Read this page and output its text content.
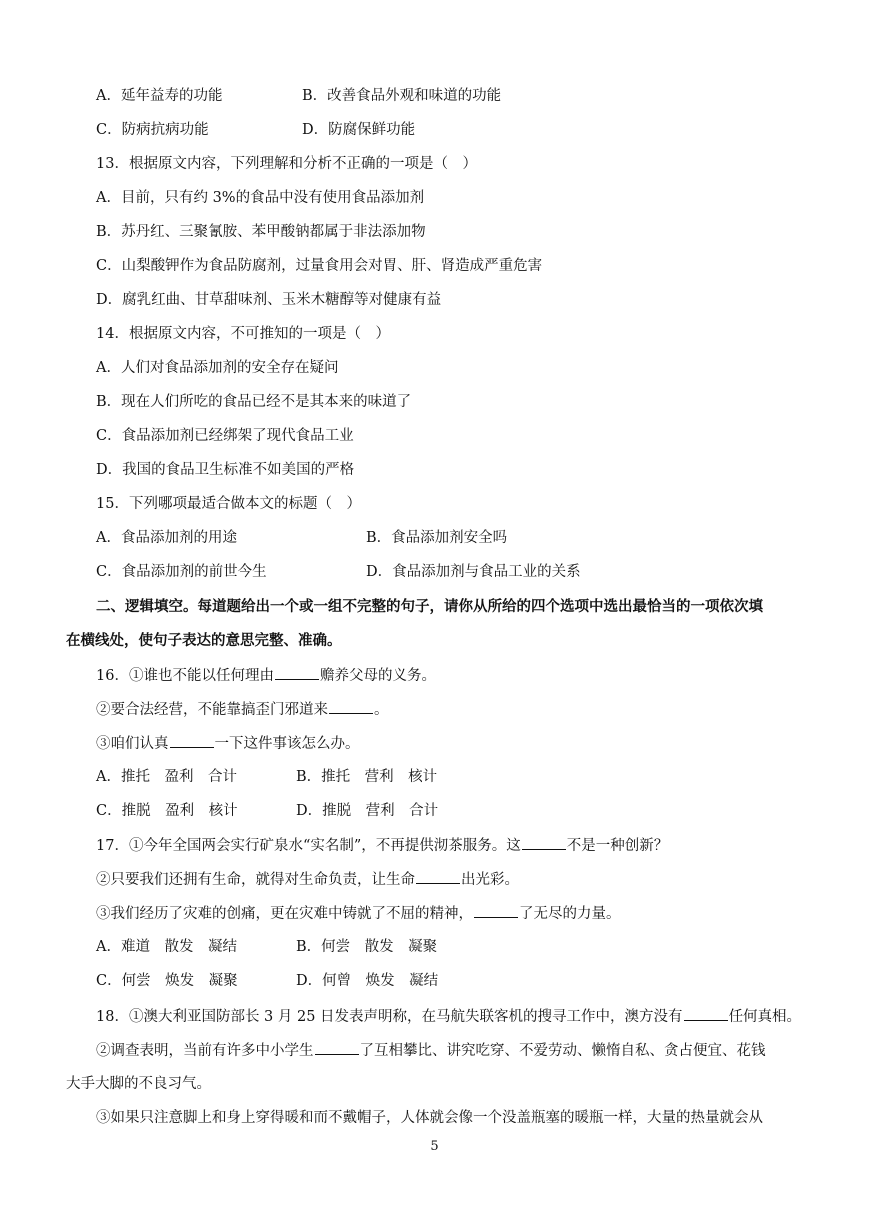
A．延年益寿的功能	B．改善食品外观和味道的功能
C．防病抗病功能	D．防腐保鲜功能
13．根据原文内容，下列理解和分析不正确的一项是（　）
A．目前，只有约 3%的食品中没有使用食品添加剂
B．苏丹红、三聚氰胺、苯甲酸钠都属于非法添加物
C．山梨酸钾作为食品防腐剂，过量食用会对胃、肝、肾造成严重危害
D．腐乳红曲、甘草甜味剂、玉米木糖醇等对健康有益
14．根据原文内容，不可推知的一项是（　）
A．人们对食品添加剂的安全存在疑问
B．现在人们所吃的食品已经不是其本来的味道了
C．食品添加剂已经绑架了现代食品工业
D．我国的食品卫生标准不如美国的严格
15．下列哪项最适合做本文的标题（　）
A．食品添加剂的用途	B．食品添加剂安全吗
C．食品添加剂的前世今生	D．食品添加剂与食品工业的关系
二、逻辑填空。每道题给出一个或一组不完整的句子，请你从所给的四个选项中选出最恰当的一项依次填
在横线处，使句子表达的意思完整、准确。
16．①谁也不能以任何理由	赡养父母的义务。
②要合法经营，不能靠搞歪门邪道来	。
③咱们认真	一下这件事该怎么办。
A．推托　盈利　合计	B．推托　营利　核计
C．推脱　盈利　核计	D．推脱　营利　合计
17．①今年全国两会实行矿泉水“实名制”，不再提供沏茶服务。这	不是一种创新？
②只要我们还拥有生命，就得对生命负责，让生命	出光彩。
③我们经历了灾难的创痛，更在灾难中铸就了不屈的精神，	了无尽的力量。
A．难道　散发　凝结	B．何尝　散发　凝聚
C．何尝　焕发　凝聚	D．何曾　焕发　凝结
18．①澳大利亚国防部长 3 月 25 日发表声明称，在马航失联客机的搜寻工作中，澳方没有	任何真相。
②调查表明，当前有许多中小学生	了互相攀比、讲究吃穿、不爱劳动、懒惰自私、贪占便宜、花钱
大手大脚的不良习气。
③如果只注意脚上和身上穿得暖和而不戴帽子，人体就会像一个没盖瓶塞的暖瓶一样，大量的热量就会从
5
